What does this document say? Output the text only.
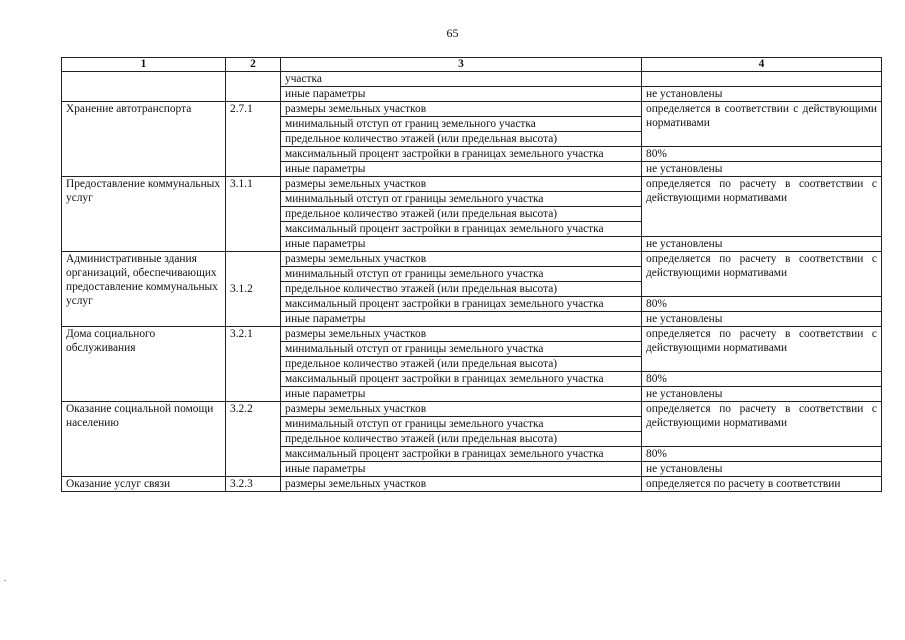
65
1	2	3	4
		участка	
		иные параметры	не установлены
Хранение автотранспорта	2.7.1	размеры земельных участков	определяется в соответствии с действующими нормативами
		минимальный отступ от границ земельного участка	
		предельное количество этажей (или предельная высота)	
		максимальный процент застройки в границах земельного участка	80%
		иные параметры	не установлены
Предоставление коммунальных услуг	3.1.1	размеры земельных участков	определяется по расчету в соответствии с действующими нормативами
		минимальный отступ от границы земельного участка	
		предельное количество этажей (или предельная высота)	
		максимальный процент застройки в границах земельного участка	
		иные параметры	не установлены
Административные здания организаций, обеспечивающих предоставление коммунальных услуг	3.1.2	размеры земельных участков	определяется по расчету в соответствии с действующими нормативами
		минимальный отступ от границы земельного участка	
		предельное количество этажей (или предельная высота)	
		максимальный процент застройки в границах земельного участка	80%
		иные параметры	не установлены
Дома социального обслуживания	3.2.1	размеры земельных участков	определяется по расчету в соответствии с действующими нормативами
		минимальный отступ от границы земельного участка	
		предельное количество этажей (или предельная высота)	
		максимальный процент застройки в границах земельного участка	80%
		иные параметры	не установлены
Оказание социальной помощи населению	3.2.2	размеры земельных участков	определяется по расчету в соответствии с действующими нормативами
		минимальный отступ от границы земельного участка	
		предельное количество этажей (или предельная высота)	
		максимальный процент застройки в границах земельного участка	80%
		иные параметры	не установлены
Оказание услуг связи	3.2.3	размеры земельных участков	определяется по расчету в соответствии
